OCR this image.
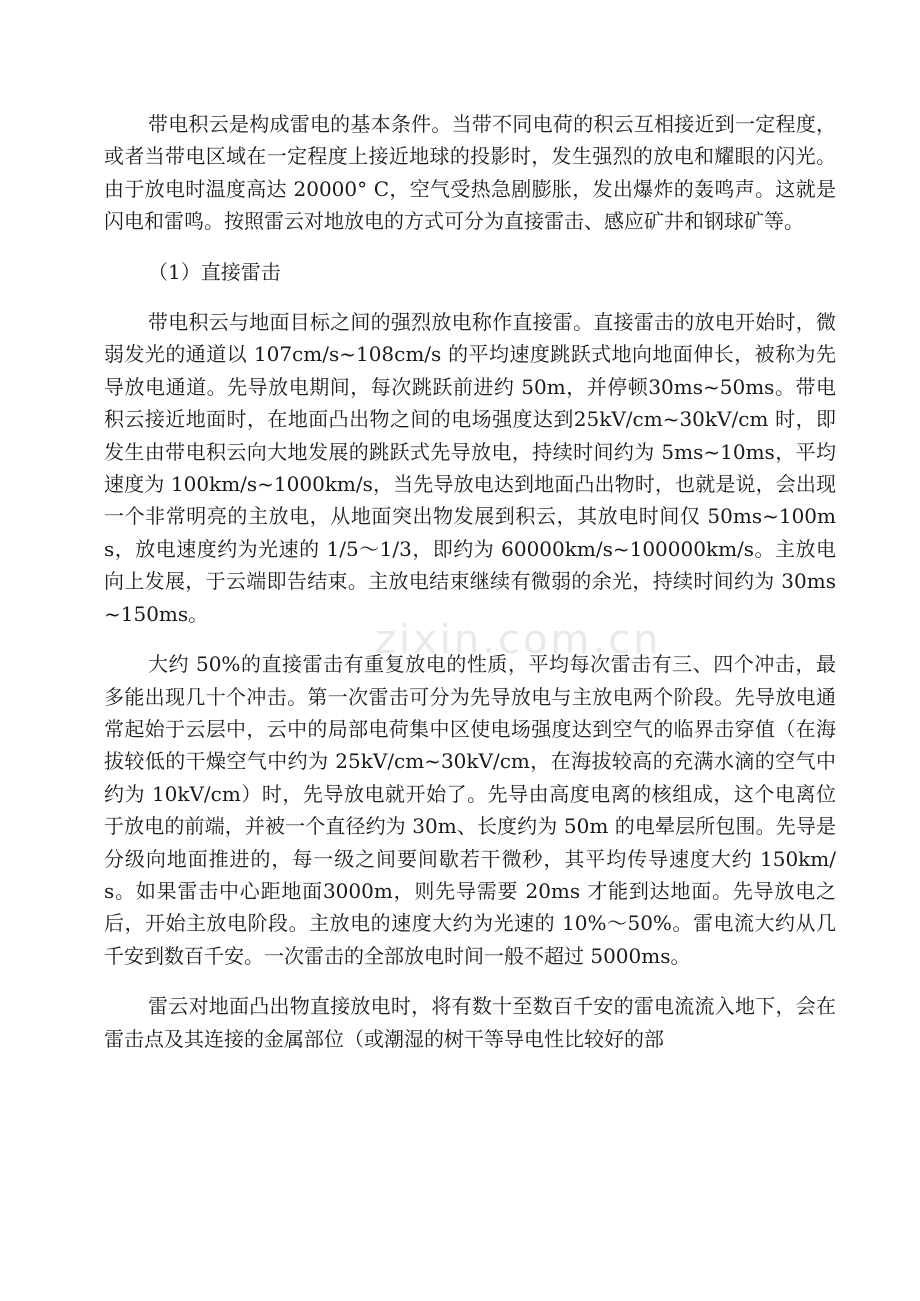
带电积云是构成雷电的基本条件。当带不同电荷的积云互相接近到一定程度，或者当带电区域在一定程度上接近地球的投影时，发生强烈的放电和耀眼的闪光。由于放电时温度高达 20000° C，空气受热急剧膨胀，发出爆炸的轰鸣声。这就是闪电和雷鸣。按照雷云对地放电的方式可分为直接雷击、感应矿井和钢球矿等。

（1）直接雷击

带电积云与地面目标之间的强烈放电称作直接雷。直接雷击的放电开始时，微弱发光的通道以 107cm/s~108cm/s 的平均速度跳跃式地向地面伸长，被称为先导放电通道。先导放电期间，每次跳跃前进约 50m，并停顿30ms~50ms。带电积云接近地面时，在地面凸出物之间的电场强度达到25kV/cm~30kV/cm 时，即发生由带电积云向大地发展的跳跃式先导放电，持续时间约为 5ms~10ms，平均速度为 100km/s~1000km/s，当先导放电达到地面凸出物时，也就是说，会出现一个非常明亮的主放电，从地面突出物发展到积云，其放电时间仅 50ms~100ms，放电速度约为光速的 1/5～1/3，即约为 60000km/s~100000km/s。主放电向上发展，于云端即告结束。主放电结束继续有微弱的余光，持续时间约为 30ms~150ms。

大约 50%的直接雷击有重复放电的性质，平均每次雷击有三、四个冲击，最多能出现几十个冲击。第一次雷击可分为先导放电与主放电两个阶段。先导放电通常起始于云层中，云中的局部电荷集中区使电场强度达到空气的临界击穿值（在海拔较低的干燥空气中约为 25kV/cm~30kV/cm，在海拔较高的充满水滴的空气中约为 10kV/cm）时，先导放电就开始了。先导由高度电离的核组成，这个电离位于放电的前端，并被一个直径约为 30m、长度约为 50m 的电晕层所包围。先导是分级向地面推进的，每一级之间要间歇若干微秒，其平均传导速度大约 150km/s。如果雷击中心距地面3000m，则先导需要 20ms 才能到达地面。先导放电之后，开始主放电阶段。主放电的速度大约为光速的 10%～50%。雷电流大约从几千安到数百千安。一次雷击的全部放电时间一般不超过 5000ms。

雷云对地面凸出物直接放电时，将有数十至数百千安的雷电流流入地下，会在雷击点及其连接的金属部位（或潮湿的树干等导电性比较好的部

zixin.com.cn
